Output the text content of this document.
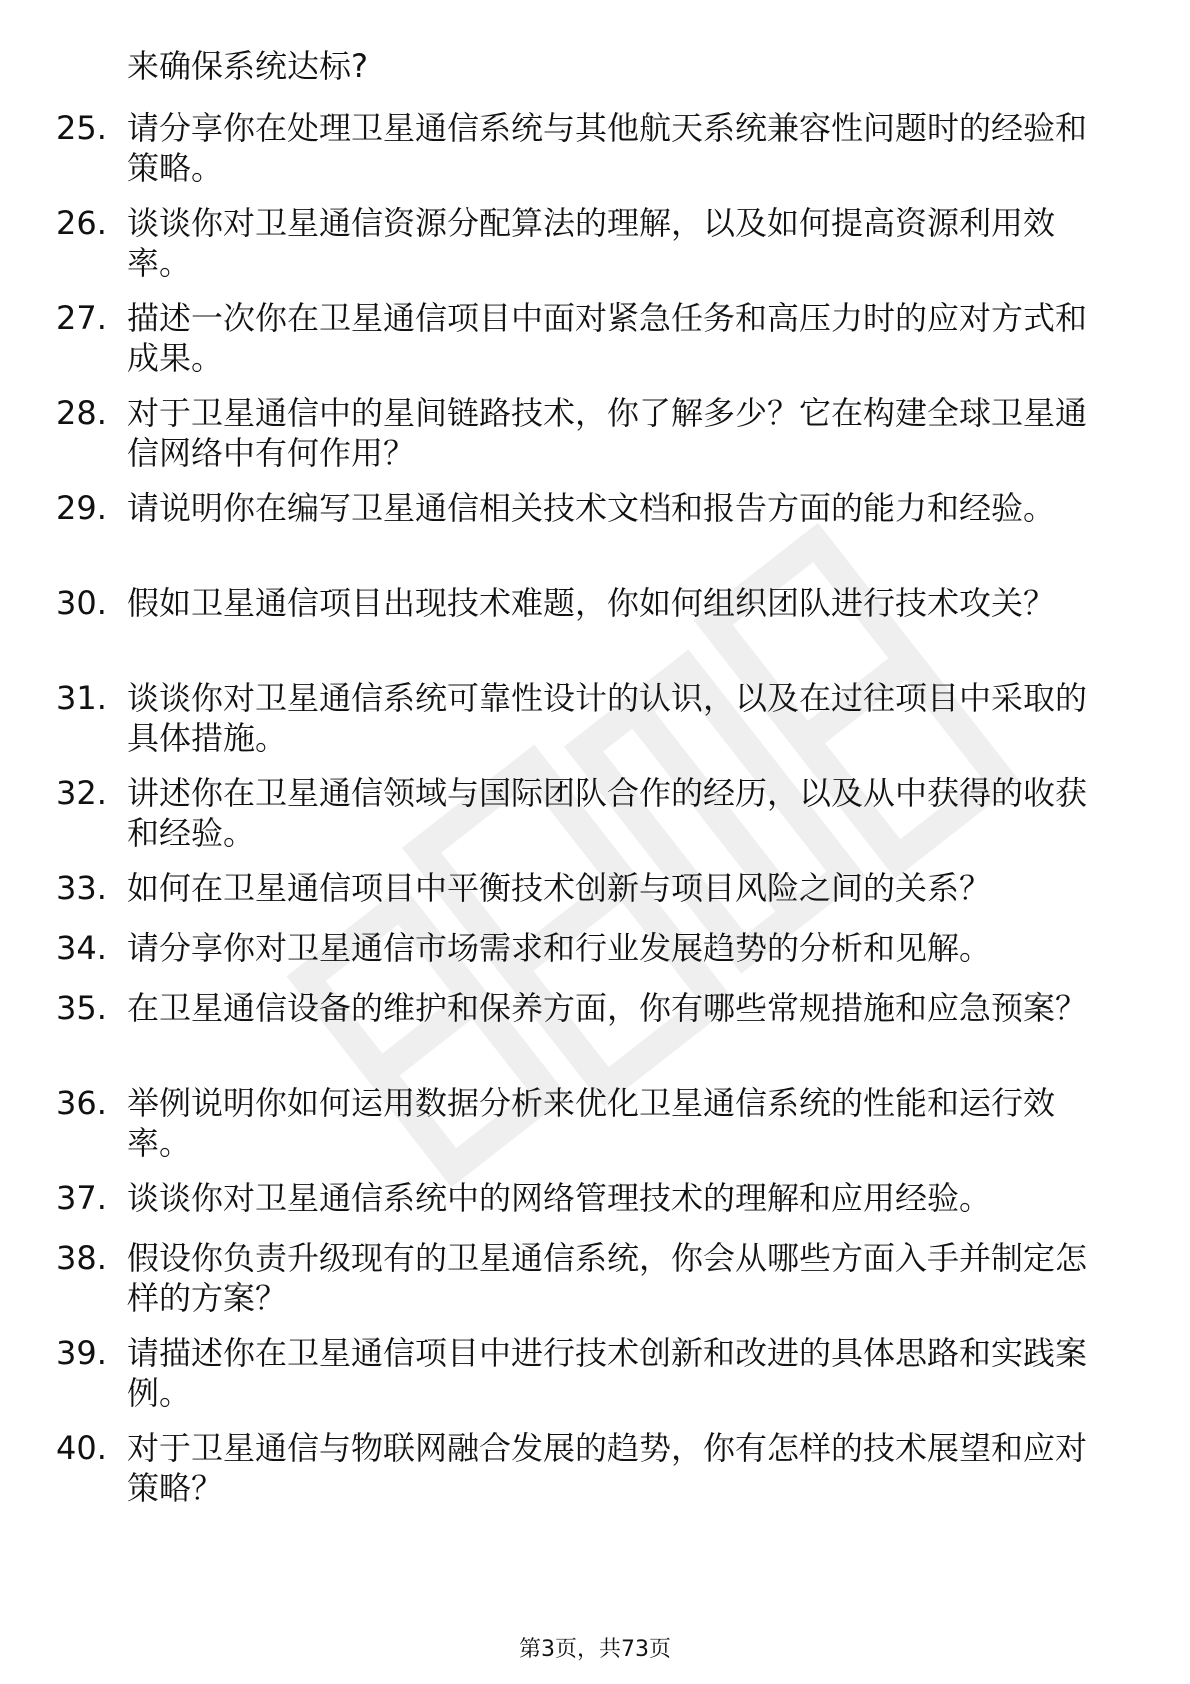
来确保系统达标?
25. 请分享你在处理卫星通信系统与其他航天系统兼容性问题时的经验和策略。
26. 谈谈你对卫星通信资源分配算法的理解，以及如何提高资源利用效率。
27. 描述一次你在卫星通信项目中面对紧急任务和高压力时的应对方式和成果。
28. 对于卫星通信中的星间链路技术，你了解多少？它在构建全球卫星通信网络中有何作用？
29. 请说明你在编写卫星通信相关技术文档和报告方面的能力和经验。
30. 假如卫星通信项目出现技术难题，你如何组织团队进行技术攻关？
31. 谈谈你对卫星通信系统可靠性设计的认识，以及在过往项目中采取的具体措施。
32. 讲述你在卫星通信领域与国际团队合作的经历，以及从中获得的收获和经验。
33. 如何在卫星通信项目中平衡技术创新与项目风险之间的关系？
34. 请分享你对卫星通信市场需求和行业发展趋势的分析和见解。
35. 在卫星通信设备的维护和保养方面，你有哪些常规措施和应急预案？
36. 举例说明你如何运用数据分析来优化卫星通信系统的性能和运行效率。
37. 谈谈你对卫星通信系统中的网络管理技术的理解和应用经验。
38. 假设你负责升级现有的卫星通信系统，你会从哪些方面入手并制定怎样的方案？
39. 请描述你在卫星通信项目中进行技术创新和改进的具体思路和实践案例。
40. 对于卫星通信与物联网融合发展的趋势，你有怎样的技术展望和应对策略？
第3页，共73页
